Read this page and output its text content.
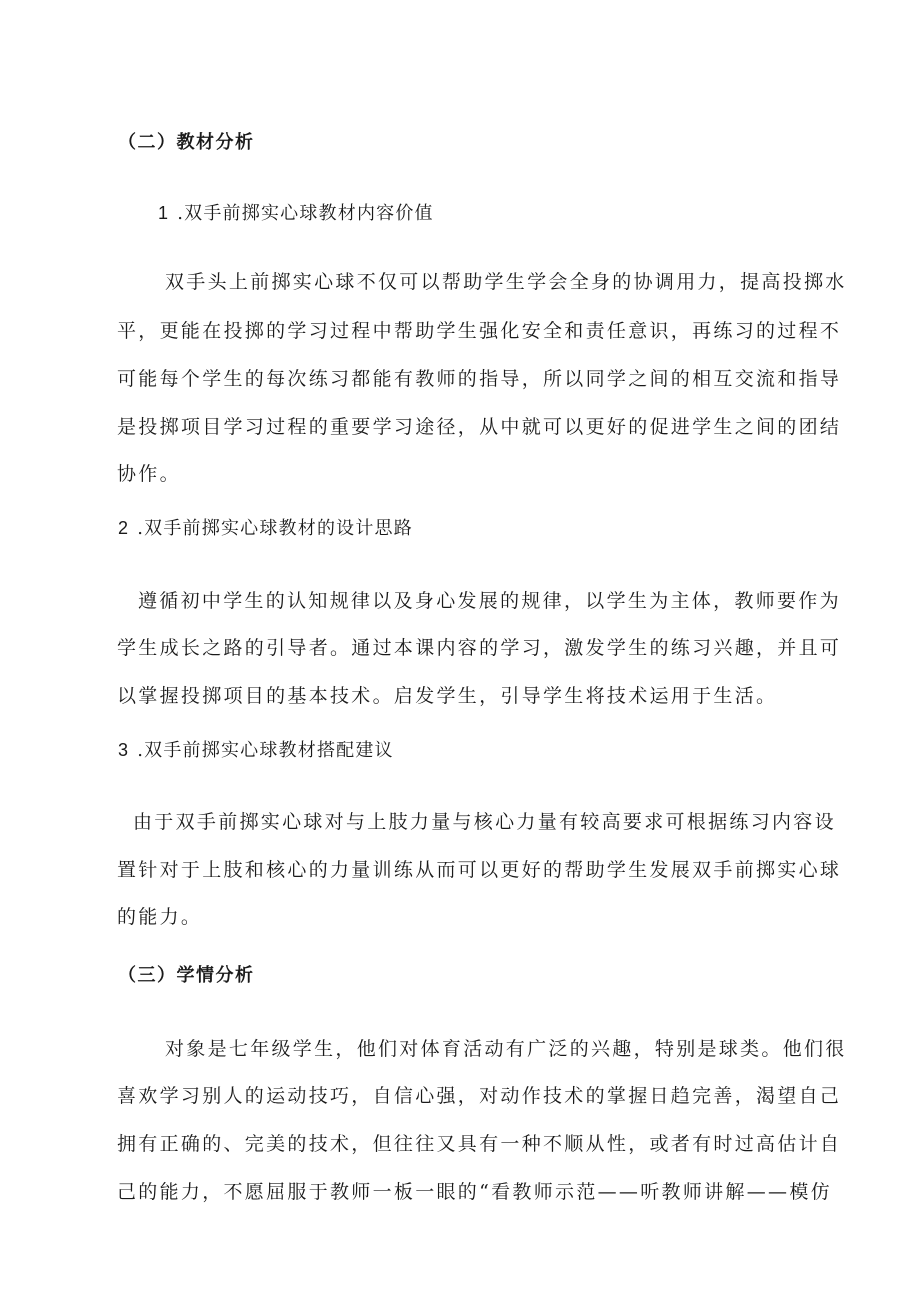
（二）教材分析
1 .双手前掷实心球教材内容价值
双手头上前掷实心球不仅可以帮助学生学会全身的协调用力，提高投掷水
平，更能在投掷的学习过程中帮助学生强化安全和责任意识，再练习的过程不
可能每个学生的每次练习都能有教师的指导，所以同学之间的相互交流和指导
是投掷项目学习过程的重要学习途径，从中就可以更好的促进学生之间的团结
协作。
2 .双手前掷实心球教材的设计思路
遵循初中学生的认知规律以及身心发展的规律，以学生为主体，教师要作为
学生成长之路的引导者。通过本课内容的学习，激发学生的练习兴趣，并且可
以掌握投掷项目的基本技术。启发学生，引导学生将技术运用于生活。
3 .双手前掷实心球教材搭配建议
由于双手前掷实心球对与上肢力量与核心力量有较高要求可根据练习内容设
置针对于上肢和核心的力量训练从而可以更好的帮助学生发展双手前掷实心球
的能力。
（三）学情分析
对象是七年级学生，他们对体育活动有广泛的兴趣，特别是球类。他们很
喜欢学习别人的运动技巧，自信心强，对动作技术的掌握日趋完善，渴望自己
拥有正确的、完美的技术，但往往又具有一种不顺从性，或者有时过高估计自
己的能力，不愿屈服于教师一板一眼的“看教师示范——听教师讲解——模仿
